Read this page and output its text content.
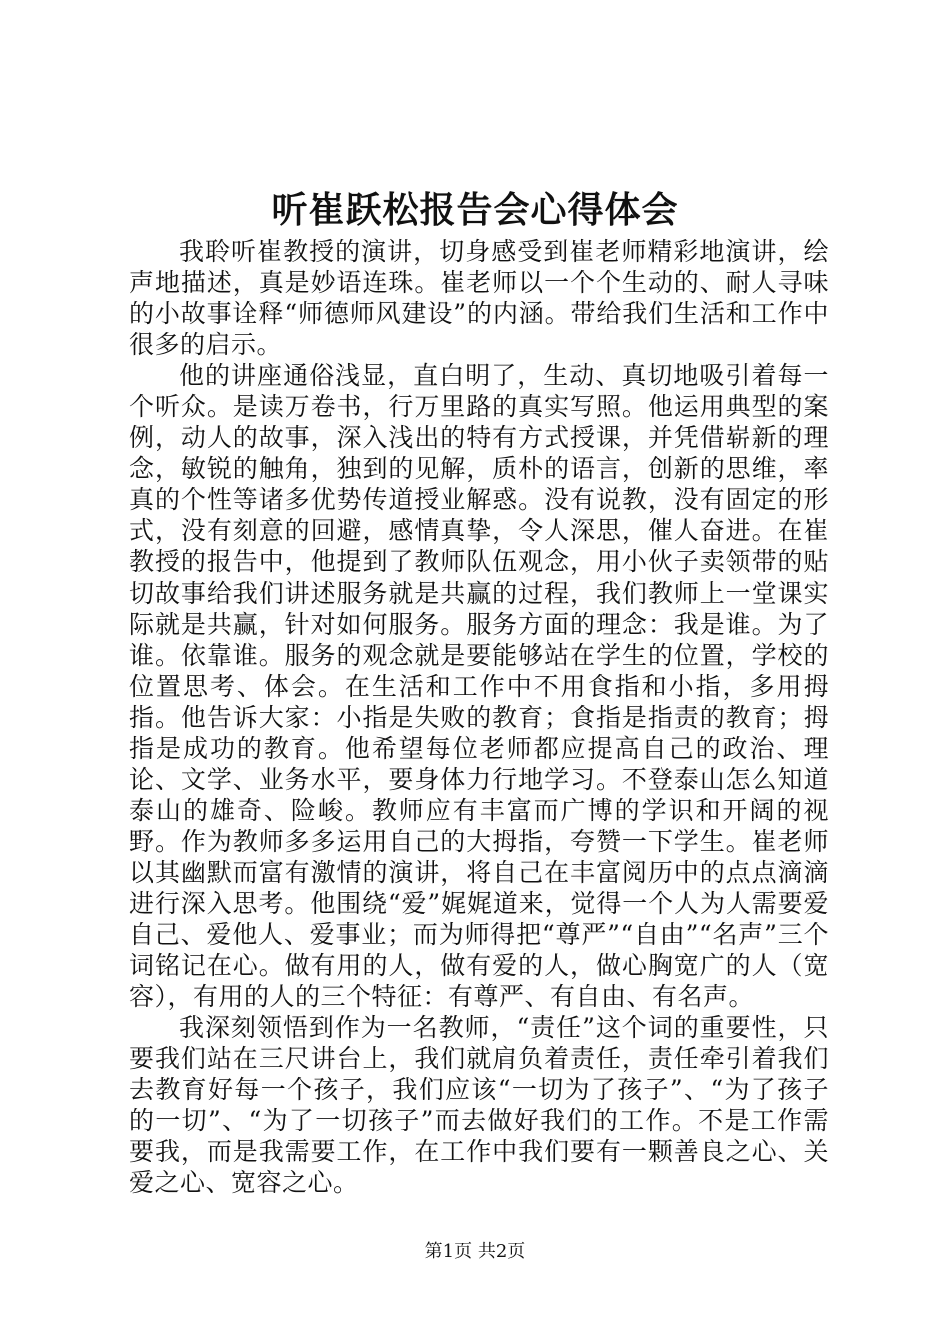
听崔跃松报告会心得体会

我聆听崔教授的演讲，切身感受到崔老师精彩地演讲，绘声地描述，真是妙语连珠。崔老师以一个个生动的、耐人寻味的小故事诠释“师德师风建设”的内涵。带给我们生活和工作中很多的启示。

他的讲座通俗浅显，直白明了，生动、真切地吸引着每一个听众。是读万卷书，行万里路的真实写照。他运用典型的案例，动人的故事，深入浅出的特有方式授课，并凭借崭新的理念，敏锐的触角，独到的见解，质朴的语言，创新的思维，率真的个性等诸多优势传道授业解惑。没有说教，没有固定的形式，没有刻意的回避，感情真挚，令人深思，催人奋进。在崔教授的报告中，他提到了教师队伍观念，用小伙子卖领带的贴切故事给我们讲述服务就是共赢的过程，我们教师上一堂课实际就是共赢，针对如何服务。服务方面的理念：我是谁。为了谁。依靠谁。服务的观念就是要能够站在学生的位置，学校的位置思考、体会。在生活和工作中不用食指和小指，多用拇指。他告诉大家：小指是失败的教育；食指是指责的教育；拇指是成功的教育。他希望每位老师都应提高自己的政治、理论、文学、业务水平，要身体力行地学习。不登泰山怎么知道泰山的雄奇、险峻。教师应有丰富而广博的学识和开阔的视野。作为教师多多运用自己的大拇指，夸赞一下学生。崔老师以其幽默而富有激情的演讲，将自己在丰富阅历中的点点滴滴进行深入思考。他围绕“爱”娓娓道来，觉得一个人为人需要爱自己、爱他人、爱事业；而为师得把“尊严”“自由”“名声”三个词铭记在心。做有用的人，做有爱的人，做心胸宽广的人（宽容），有用的人的三个特征：有尊严、有自由、有名声。

我深刻领悟到作为一名教师，“责任”这个词的重要性，只要我们站在三尺讲台上，我们就肩负着责任，责任牵引着我们去教育好每一个孩子，我们应该“一切为了孩子”、“为了孩子的一切”、“为了一切孩子”而去做好我们的工作。不是工作需要我，而是我需要工作，在工作中我们要有一颗善良之心、关爱之心、宽容之心。

第1页 共2页
